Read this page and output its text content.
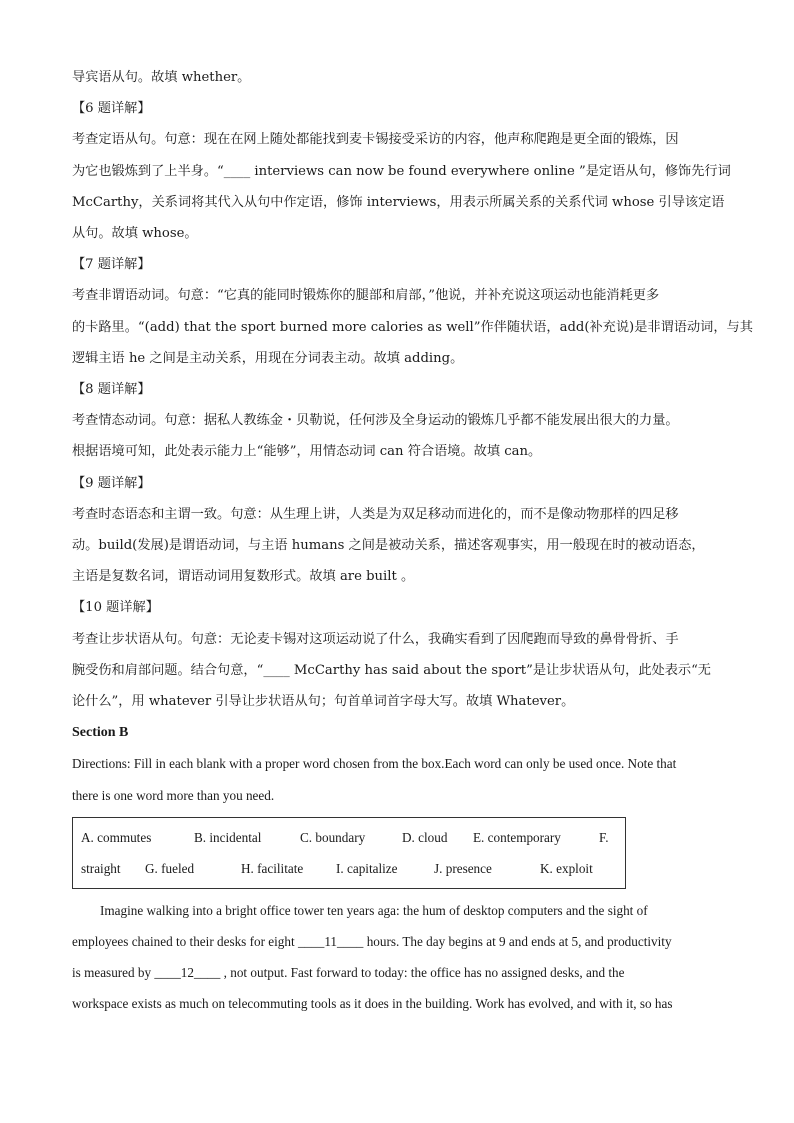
导宾语从句。故填 whether。

【6 题详解】

考查定语从句。句意：现在在网上随处都能找到麦卡锡接受采访的内容，他声称爬跑是更全面的锻炼，因

为它也锻炼到了上半身。“____ interviews can now be found everywhere online ”是定语从句，修饰先行词

McCarthy，关系词将其代入从句中作定语，修饰 interviews，用表示所属关系的关系代词 whose 引导该定语

从句。故填 whose。

【7 题详解】

考查非谓语动词。句意：“它真的能同时锻炼你的腿部和肩部，”他说，并补充说这项运动也能消耗更多

的卡路里。“(add) that the sport burned more calories as well”作伴随状语，add(补充说)是非谓语动词，与其

逻辑主语 he 之间是主动关系，用现在分词表主动。故填 adding。

【8 题详解】

考查情态动词。句意：据私人教练金・贝勒说，任何涉及全身运动的锻炼几乎都不能发展出很大的力量。

根据语境可知，此处表示能力上“能够”，用情态动词 can 符合语境。故填 can。

【9 题详解】

考查时态语态和主谓一致。句意：从生理上讲，人类是为双足移动而进化的，而不是像动物那样的四足移

动。build(发展)是谓语动词，与主语 humans 之间是被动关系，描述客观事实，用一般现在时的被动语态，

主语是复数名词，谓语动词用复数形式。故填 are built 。

【10 题详解】

考查让步状语从句。句意：无论麦卡锡对这项运动说了什么，我确实看到了因爬跑而导致的鼻骨骨折、手

腕受伤和肩部问题。结合句意，“____ McCarthy has said about the sport”是让步状语从句，此处表示“无

论什么”，用 whatever 引导让步状语从句；句首单词首字母大写。故填 Whatever。

Section B

Directions: Fill in each blank with a proper word chosen from the box.Each word can only be used once. Note that

there is one word more than you need.

A. commutes	B. incidental	C. boundary	D. cloud	E. contemporary	F.
straight	G. fueled	H. facilitate	I. capitalize	J. presence	K. exploit

Imagine walking into a bright office tower ten years aga: the hum of desktop computers and the sight of

employees chained to their desks for eight ____11____ hours. The day begins at 9 and ends at 5, and productivity

is measured by ____12____ , not output. Fast forward to today: the office has no assigned desks, and the

workspace exists as much on telecommuting tools as it does in the building. Work has evolved, and with it, so has
